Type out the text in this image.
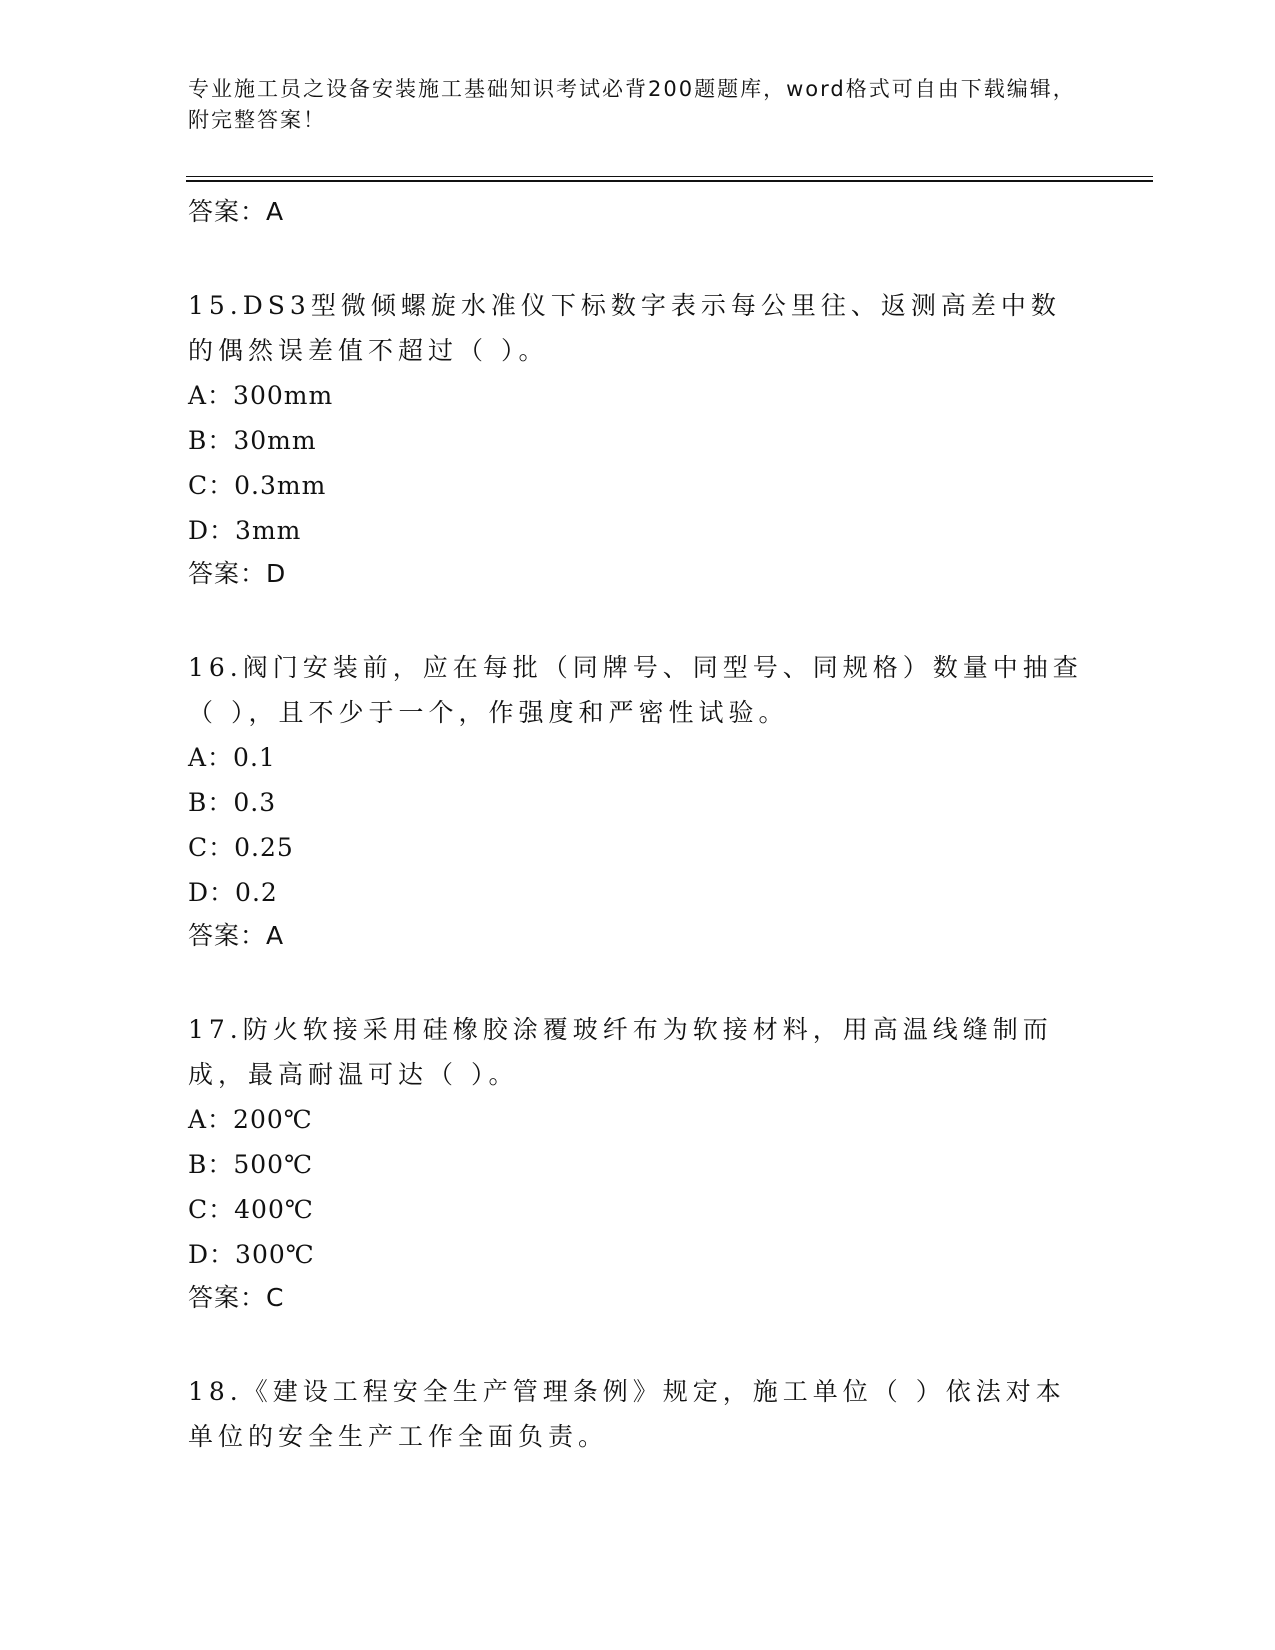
专业施工员之设备安装施工基础知识考试必背200题题库，word格式可自由下载编辑，附完整答案！
答案：A

15.DS3型微倾螺旋水准仪下标数字表示每公里往、返测高差中数的偶然误差值不超过（ ）。

A：300mm
B：30mm
C：0.3mm
D：3mm
答案：D

16.阀门安装前，应在每批（同牌号、同型号、同规格）数量中抽查（ ），且不少于一个，作强度和严密性试验。

A：0.1
B：0.3
C：0.25
D：0.2
答案：A

17.防火软接采用硅橡胶涂覆玻纤布为软接材料，用高温线缝制而成，最高耐温可达（ ）。

A：200℃
B：500℃
C：400℃
D：300℃
答案：C

18.《建设工程安全生产管理条例》规定，施工单位（ ）依法对本单位的安全生产工作全面负责。
